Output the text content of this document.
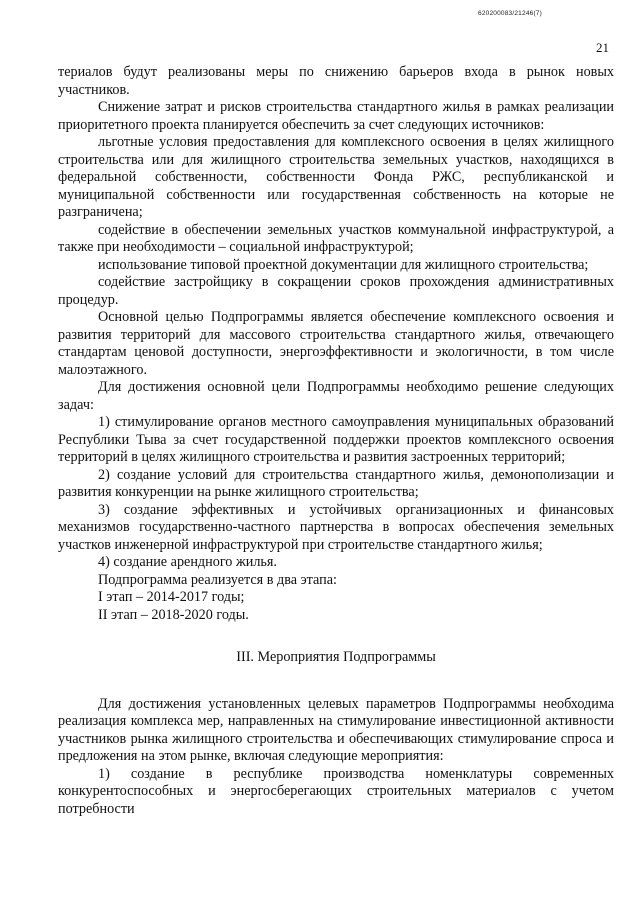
620200083/21246(7)
21

териалов будут реализованы меры по снижению барьеров входа в рынок новых участников.

Снижение затрат и рисков строительства стандартного жилья в рамках реализации приоритетного проекта планируется обеспечить за счет следующих источников:

льготные условия предоставления для комплексного освоения в целях жилищного строительства или для жилищного строительства земельных участков, находящихся в федеральной собственности, собственности Фонда РЖС, республиканской и муниципальной собственности или государственная собственность на которые не разграничена;

содействие в обеспечении земельных участков коммунальной инфраструктурой, а также при необходимости – социальной инфраструктурой;

использование типовой проектной документации для жилищного строительства;

содействие застройщику в сокращении сроков прохождения административных процедур.

Основной целью Подпрограммы является обеспечение комплексного освоения и развития территорий для массового строительства стандартного жилья, отвечающего стандартам ценовой доступности, энергоэффективности и экологичности, в том числе малоэтажного.

Для достижения основной цели Подпрограммы необходимо решение следующих задач:

1) стимулирование органов местного самоуправления муниципальных образований Республики Тыва за счет государственной поддержки проектов комплексного освоения территорий в целях жилищного строительства и развития застроенных территорий;

2) создание условий для строительства стандартного жилья, демонополизации и развития конкуренции на рынке жилищного строительства;

3) создание эффективных и устойчивых организационных и финансовых механизмов государственно-частного партнерства в вопросах обеспечения земельных участков инженерной инфраструктурой при строительстве стандартного жилья;

4) создание арендного жилья.

Подпрограмма реализуется в два этапа:

I этап – 2014-2017 годы;

II этап – 2018-2020 годы.

III. Мероприятия Подпрограммы

Для достижения установленных целевых параметров Подпрограммы необходима реализация комплекса мер, направленных на стимулирование инвестиционной активности участников рынка жилищного строительства и обеспечивающих стимулирование спроса и предложения на этом рынке, включая следующие мероприятия:

1) создание в республике производства номенклатуры современных конкурентоспособных и энергосберегающих строительных материалов с учетом потребности
